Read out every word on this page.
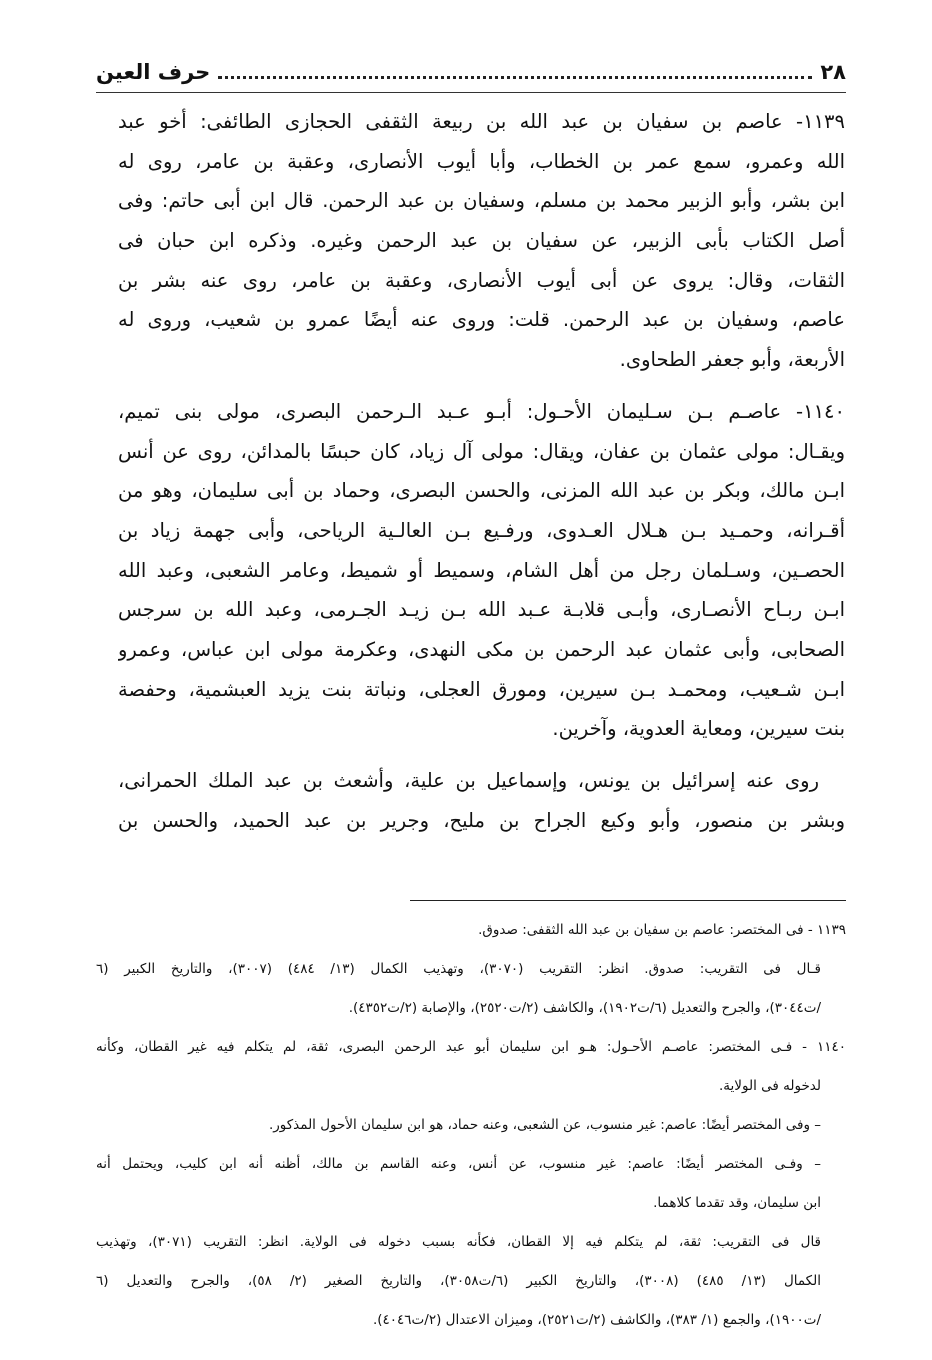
٢٨
حرف العين
١١٣٩- عاصم بن سفيان بن عبد الله بن ربيعة الثقفى الحجازى الطائفى: أخو عبد
الله وعمرو، سمع عمر بن الخطاب، وأبا أيوب الأنصارى، وعقبة بن عامر، روى له
ابن بشر، وأبو الزبير محمد بن مسلم، وسفيان بن عبد الرحمن. قال ابن أبى حاتم: وفى
أصل الكتاب بأبى الزبير، عن سفيان بن عبد الرحمن وغيره. وذكره ابن حبان فى
الثقات، وقال: يروى عن أبى أيوب الأنصارى، وعقبة بن عامر، روى عنه بشر بن
عاصم، وسفيان بن عبد الرحمن. قلت: وروى عنه أيضًا عمرو بن شعيب، وروى له
الأربعة، وأبو جعفر الطحاوى.
١١٤٠- عاصـم بـن سـليمان الأحـول: أبـو عـبد الـرحمن البصرى، مولى بنى تميم،
ويقـال: مولى عثمان بن عفان، ويقال: مولى آل زياد، كان حبسًا بالمدائن، روى عن أنس
ابـن مالك، وبكر بن عبد الله المزنى، والحسن البصرى، وحماد بن أبى سليمان، وهو من
أقـرانه، وحمـيد بـن هـلال العـدوى، ورفـيع بـن العالـية الرياحى، وأبى جهمة زياد بن
الحصـين، وسـلمان رجل من أهل الشام، وسميط أو شميط، وعامر الشعبى، وعبد الله
ابـن ربـاح الأنصـارى، وأبـى قلابـة عـبد الله بـن زيـد الجـرمى، وعبد الله بن سرجس
الصحابى، وأبى عثمان عبد الرحمن بن مكى النهدى، وعكرمة مولى ابن عباس، وعمرو
ابـن شـعيب، ومحمـد بـن سيرين، ومورق العجلى، ونباتة بنت يزيد العبشمية، وحفصة
بنت سيرين، ومعاية العدوية، وآخرين.
روى عنه إسرائيل بن يونس، وإسماعيل بن علية، وأشعث بن عبد الملك الحمرانى،
وبشر بن منصور، وأبو وكيع الجراح بن مليح، وجرير بن عبد الحميد، والحسن بن
١١٣٩ - فى المختصر: عاصم بن سفيان بن عبد الله الثقفى: صدوق.
قـال فى التقريب: صدوق. انظر: التقريب (٣٠٧٠)، وتهذيب الكمال (١٣/ ٤٨٤) (٣٠٠٧)، والتاريخ الكبير (٦
/ت٣٠٤٤)، والجرح والتعديل (٦/ت١٩٠٢)، والكاشف (٢/ت٢٥٢٠)، والإصابة (٢/ت٤٣٥٢).
١١٤٠ - فـى المختصر: عاصـم الأحـول: هـو ابن سليمان أبو عبد الرحمن البصرى، ثقة، لم يتكلم فيه غير القطان، وكأنه
لدخوله فى الولاية.
– وفى المختصر أيضًا: عاصم: غير منسوب، عن الشعبى، وعنه حماد، هو ابن سليمان الأحول المذكور.
– وفـى المختصر أيضًا: عاصم: غير منسوب، عن أنس، وعنه القاسم بن مالك، أظنه أنه ابن كليب، ويحتمل أنه
ابن سليمان، وقد تقدما كلاهما.
قال فى التقريب: ثقة، لم يتكلم فيه إلا القطان، فكأنه بسبب دخوله فى الولاية. انظر: التقريب (٣٠٧١)، وتهذيب
الكمال (١٣/ ٤٨٥) (٣٠٠٨)، والتاريخ الكبير (٦/ت٣٠٥٨)، والتاريخ الصغير (٢/ ٥٨)، والجرح والتعديل (٦
/ت١٩٠٠)، والجمع (١/ ٣٨٣)، والكاشف (٢/ت٢٥٢١)، وميزان الاعتدال (٢/ت٤٠٤٦).
